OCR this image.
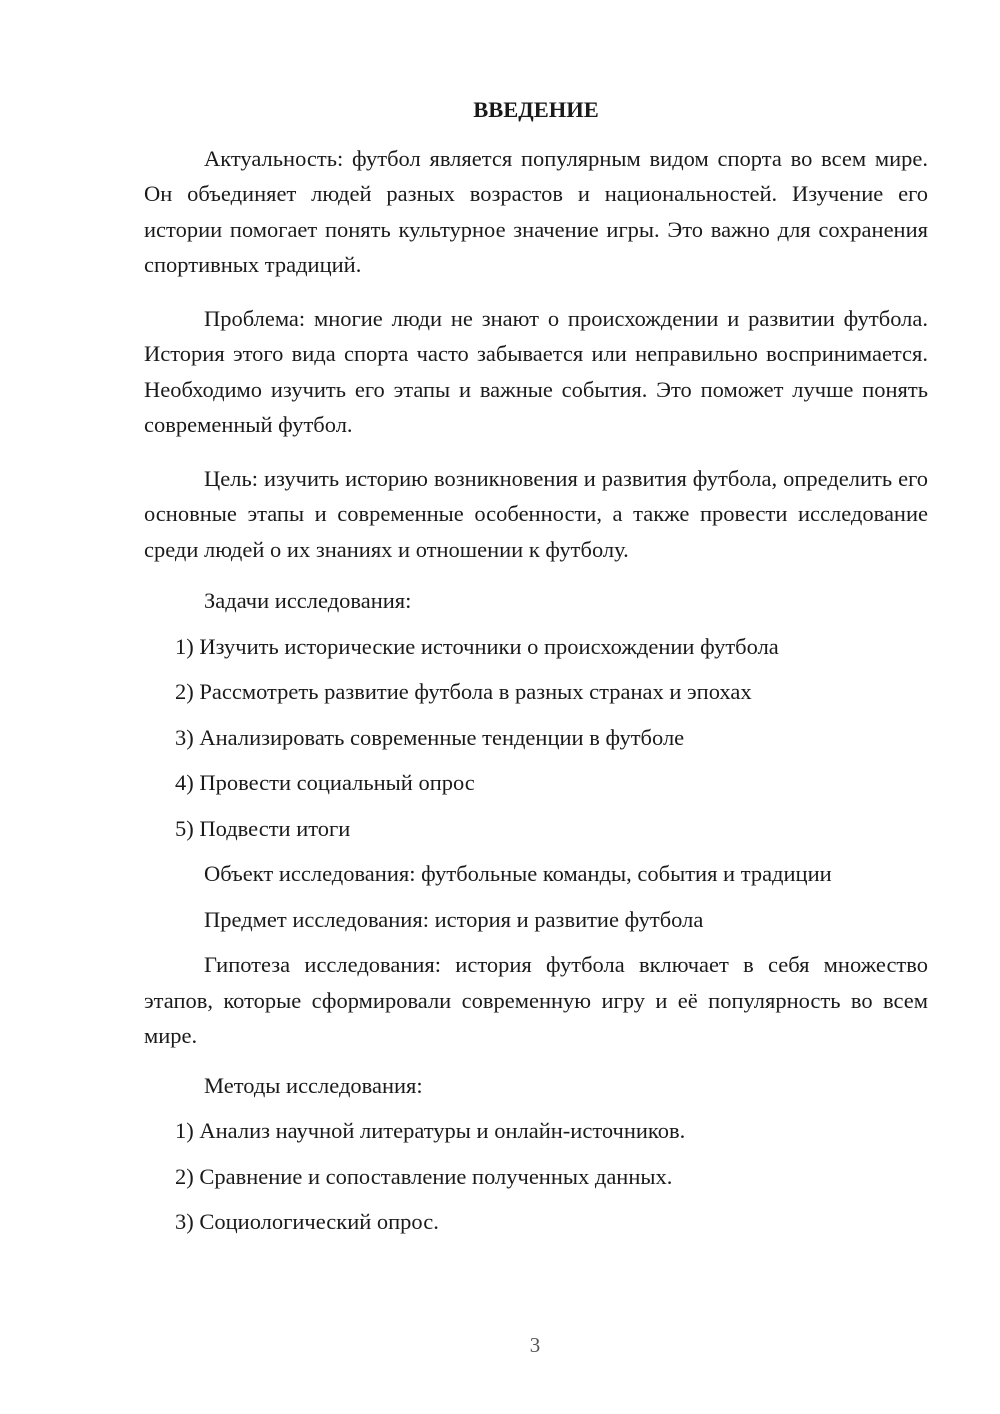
ВВЕДЕНИЕ

Актуальность: футбол является популярным видом спорта во всем мире. Он объединяет людей разных возрастов и национальностей. Изучение его истории помогает понять культурное значение игры. Это важно для сохранения спортивных традиций.

Проблема: многие люди не знают о происхождении и развитии футбола. История этого вида спорта часто забывается или неправильно воспринимается. Необходимо изучить его этапы и важные события. Это поможет лучше понять современный футбол.

Цель: изучить историю возникновения и развития футбола, определить его основные этапы и современные особенности, а также провести исследование среди людей о их знаниях и отношении к футболу.

Задачи исследования:

1) Изучить исторические источники о происхождении футбола
2) Рассмотреть развитие футбола в разных странах и эпохах
3) Анализировать современные тенденции в футболе
4) Провести социальный опрос
5) Подвести итоги

Объект исследования: футбольные команды, события и традиции

Предмет исследования: история и развитие футбола

Гипотеза исследования: история футбола включает в себя множество этапов, которые сформировали современную игру и её популярность во всем мире.

Методы исследования:

1) Анализ научной литературы и онлайн-источников.
2) Сравнение и сопоставление полученных данных.
3) Социологический опрос.
3
